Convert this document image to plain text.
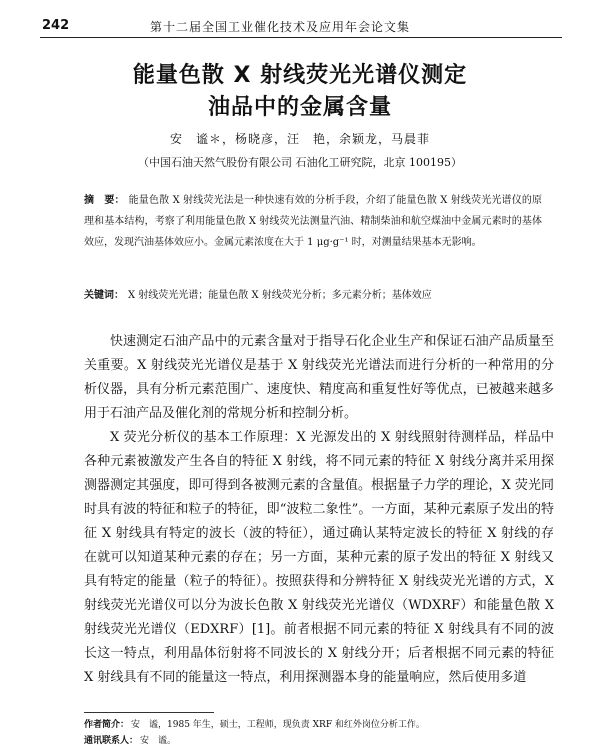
242	第十二届全国工业催化技术及应用年会论文集
能量色散 X 射线荧光光谱仪测定
油品中的金属含量
安　谧＊，杨晓彦，汪　艳，余颖龙，马晨菲
（中国石油天然气股份有限公司 石油化工研究院，北京 100195）
摘　要： 能量色散 X 射线荧光法是一种快速有效的分析手段，介绍了能量色散 X 射线荧光光谱仪的原理和基本结构，考察了利用能量色散 X 射线荧光法测量汽油、精制柴油和航空煤油中金属元素时的基体效应，发现汽油基体效应小。金属元素浓度在大于 1 μg·g⁻¹ 时，对测量结果基本无影响。
关键词： X 射线荧光光谱；能量色散 X 射线荧光分析；多元素分析；基体效应

快速测定石油产品中的元素含量对于指导石化企业生产和保证石油产品质量至关重要。X 射线荧光光谱仪是基于 X 射线荧光光谱法而进行分析的一种常用的分析仪器，具有分析元素范围广、速度快、精度高和重复性好等优点，已被越来越多用于石油产品及催化剂的常规分析和控制分析。

X 荧光分析仪的基本工作原理：X 光源发出的 X 射线照射待测样品，样品中各种元素被激发产生各自的特征 X 射线，将不同元素的特征 X 射线分离并采用探测器测定其强度，即可得到各被测元素的含量值。根据量子力学的理论，X 荧光同时具有波的特征和粒子的特征，即“波粒二象性”。一方面，某种元素原子发出的特征 X 射线具有特定的波长（波的特征），通过确认某特定波长的特征 X 射线的存在就可以知道某种元素的存在；另一方面，某种元素的原子发出的特征 X 射线又具有特定的能量（粒子的特征）。按照获得和分辨特征 X 射线荧光光谱的方式，X 射线荧光光谱仪可以分为波长色散 X 射线荧光光谱仪（WDXRF）和能量色散 X 射线荧光光谱仪（EDXRF）[1]。前者根据不同元素的特征 X 射线具有不同的波长这一特点，利用晶体衍射将不同波长的 X 射线分开；后者根据不同元素的特征 X 射线具有不同的能量这一特点，利用探测器本身的能量响应，然后使用多道

作者简介： 安　谧，1985 年生，硕士，工程师，现负责 XRF 和红外岗位分析工作。
通讯联系人： 安　谧。
